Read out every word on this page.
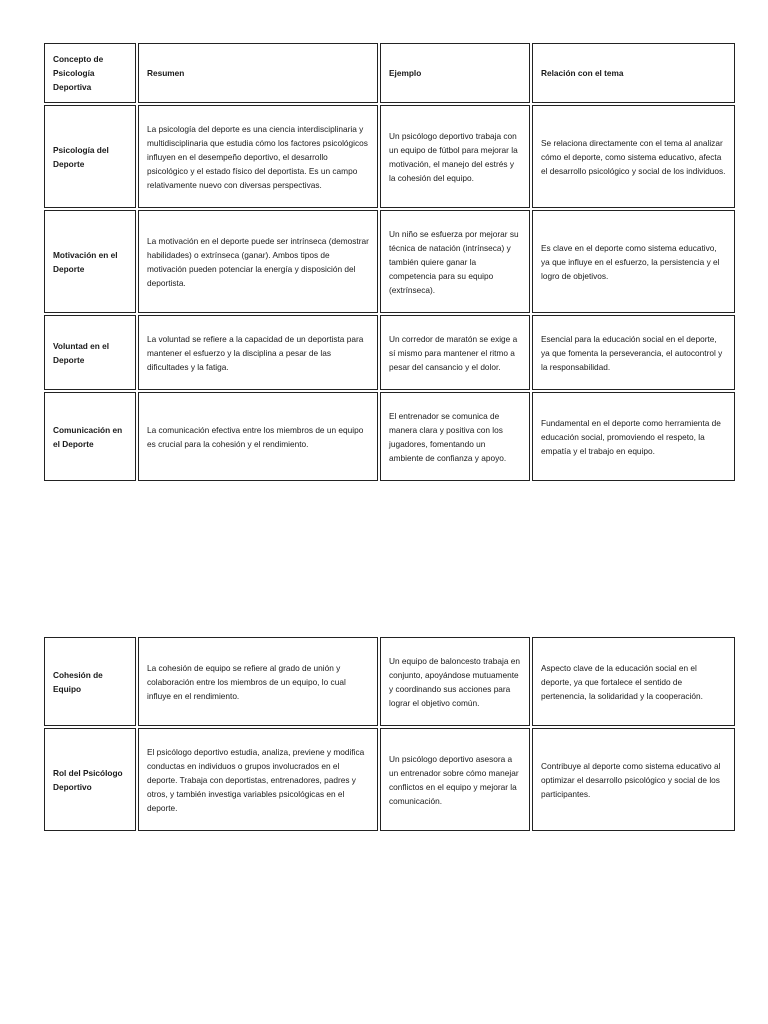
Concepto de Psicología Deportiva	Resumen	Ejemplo	Relación con el tema
Psicología del Deporte	La psicología del deporte es una ciencia interdisciplinaria y multidisciplinaria que estudia cómo los factores psicológicos influyen en el desempeño deportivo, el desarrollo psicológico y el estado físico del deportista. Es un campo relativamente nuevo con diversas perspectivas.	Un psicólogo deportivo trabaja con un equipo de fútbol para mejorar la motivación, el manejo del estrés y la cohesión del equipo.	Se relaciona directamente con el tema al analizar cómo el deporte, como sistema educativo, afecta el desarrollo psicológico y social de los individuos.
Motivación en el Deporte	La motivación en el deporte puede ser intrínseca (demostrar habilidades) o extrínseca (ganar). Ambos tipos de motivación pueden potenciar la energía y disposición del deportista.	Un niño se esfuerza por mejorar su técnica de natación (intrínseca) y también quiere ganar la competencia para su equipo (extrínseca).	Es clave en el deporte como sistema educativo, ya que influye en el esfuerzo, la persistencia y el logro de objetivos.
Voluntad en el Deporte	La voluntad se refiere a la capacidad de un deportista para mantener el esfuerzo y la disciplina a pesar de las dificultades y la fatiga.	Un corredor de maratón se exige a sí mismo para mantener el ritmo a pesar del cansancio y el dolor.	Esencial para la educación social en el deporte, ya que fomenta la perseverancia, el autocontrol y la responsabilidad.
Comunicación en el Deporte	La comunicación efectiva entre los miembros de un equipo es crucial para la cohesión y el rendimiento.	El entrenador se comunica de manera clara y positiva con los jugadores, fomentando un ambiente de confianza y apoyo.	Fundamental en el deporte como herramienta de educación social, promoviendo el respeto, la empatía y el trabajo en equipo.
Cohesión de Equipo	La cohesión de equipo se refiere al grado de unión y colaboración entre los miembros de un equipo, lo cual influye en el rendimiento.	Un equipo de baloncesto trabaja en conjunto, apoyándose mutuamente y coordinando sus acciones para lograr el objetivo común.	Aspecto clave de la educación social en el deporte, ya que fortalece el sentido de pertenencia, la solidaridad y la cooperación.
Rol del Psicólogo Deportivo	El psicólogo deportivo estudia, analiza, previene y modifica conductas en individuos o grupos involucrados en el deporte. Trabaja con deportistas, entrenadores, padres y otros, y también investiga variables psicológicas en el deporte.	Un psicólogo deportivo asesora a un entrenador sobre cómo manejar conflictos en el equipo y mejorar la comunicación.	Contribuye al deporte como sistema educativo al optimizar el desarrollo psicológico y social de los participantes.
